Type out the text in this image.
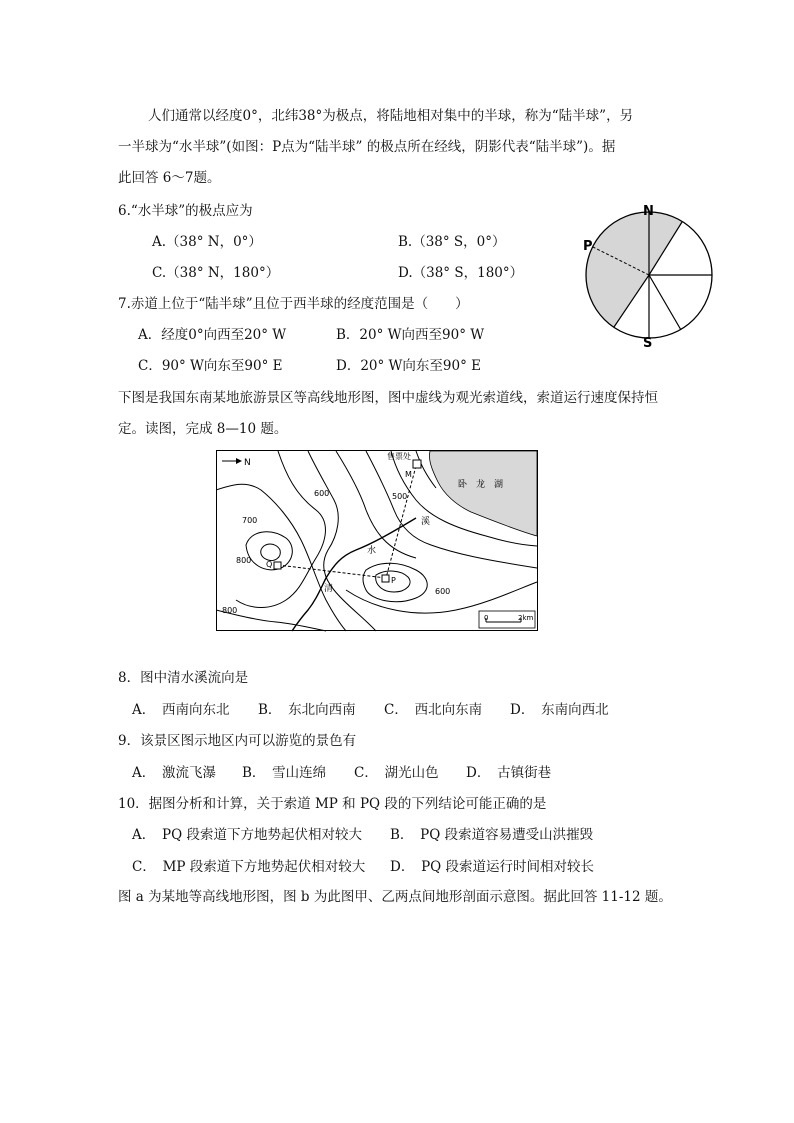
人们通常以经度0°，北纬38°为极点，将陆地相对集中的半球，称为“陆半球”，另
一半球为“水半球”(如图：P点为“陆半球” 的极点所在经线，阴影代表“陆半球”)。据
此回答 6～7题。
6.“水半球”的极点应为
A.（38° N，0°）	B.（38° S，0°）
C.（38° N，180°）	D.（38° S，180°）
7.赤道上位于“陆半球”且位于西半球的经度范围是（　　）
A．经度0°向西至20° W	B．20° W向西至90° W
C．90° W向东至90° E	D．20° W向东至90° E
N
S
P
下图是我国东南某地旅游景区等高线地形图，图中虚线为观光索道线，索道运行速度保持恒
定。读图，完成 8—10 题。
N
售票处
M
卧　龙　湖
600	500
700
800
800
600
Q
P
溪
水
清
0	2km
8．图中清水溪流向是
A．　西南向东北 B．　东北向西南 C．　西北向东南 D．　东南向西北
9．该景区图示地区内可以游览的景色有
A．　激流飞瀑 B．　雪山连绵 C．　湖光山色 D．　古镇街巷
10．据图分析和计算，关于索道 MP 和 PQ 段的下列结论可能正确的是
A．　PQ 段索道下方地势起伏相对较大 B．　PQ 段索道容易遭受山洪摧毁
C．　MP 段索道下方地势起伏相对较大 D．　PQ 段索道运行时间相对较长
图 a 为某地等高线地形图，图 b 为此图甲、乙两点间地形剖面示意图。据此回答 11-12 题。
